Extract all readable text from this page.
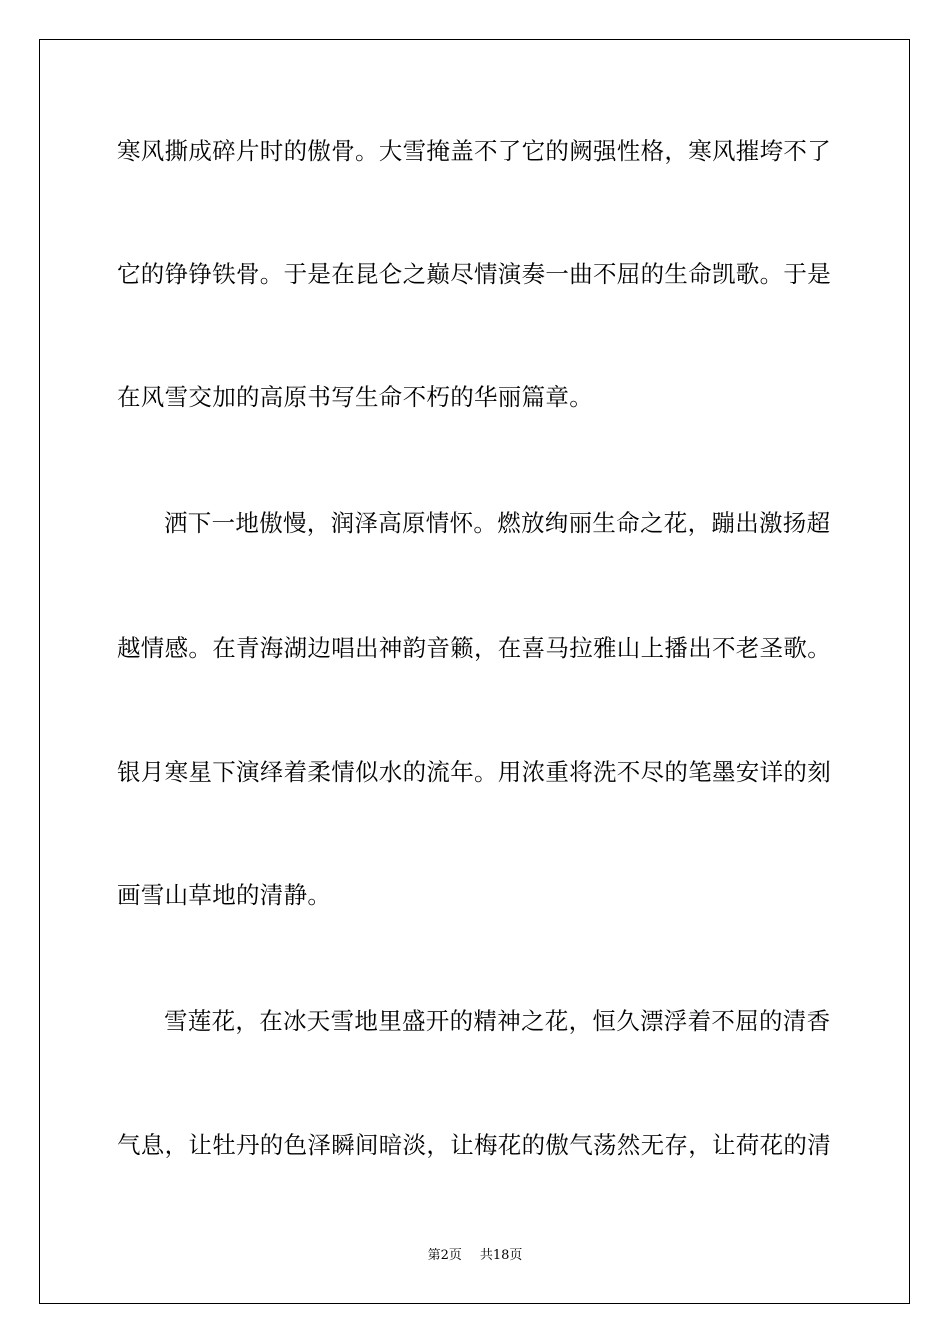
寒风撕成碎片时的傲骨。大雪掩盖不了它的阙强性格，寒风摧垮不了
它的铮铮铁骨。于是在昆仑之巅尽情演奏一曲不屈的生命凯歌。于是
在风雪交加的高原书写生命不朽的华丽篇章。
洒下一地傲慢，润泽高原情怀。燃放绚丽生命之花，蹦出激扬超
越情感。在青海湖边唱出神韵音籁，在喜马拉雅山上播出不老圣歌。
银月寒星下演绎着柔情似水的流年。用浓重将洗不尽的笔墨安详的刻
画雪山草地的清静。
雪莲花，在冰天雪地里盛开的精神之花，恒久漂浮着不屈的清香
气息，让牡丹的色泽瞬间暗淡，让梅花的傲气荡然无存，让荷花的清
第2页 共18页
